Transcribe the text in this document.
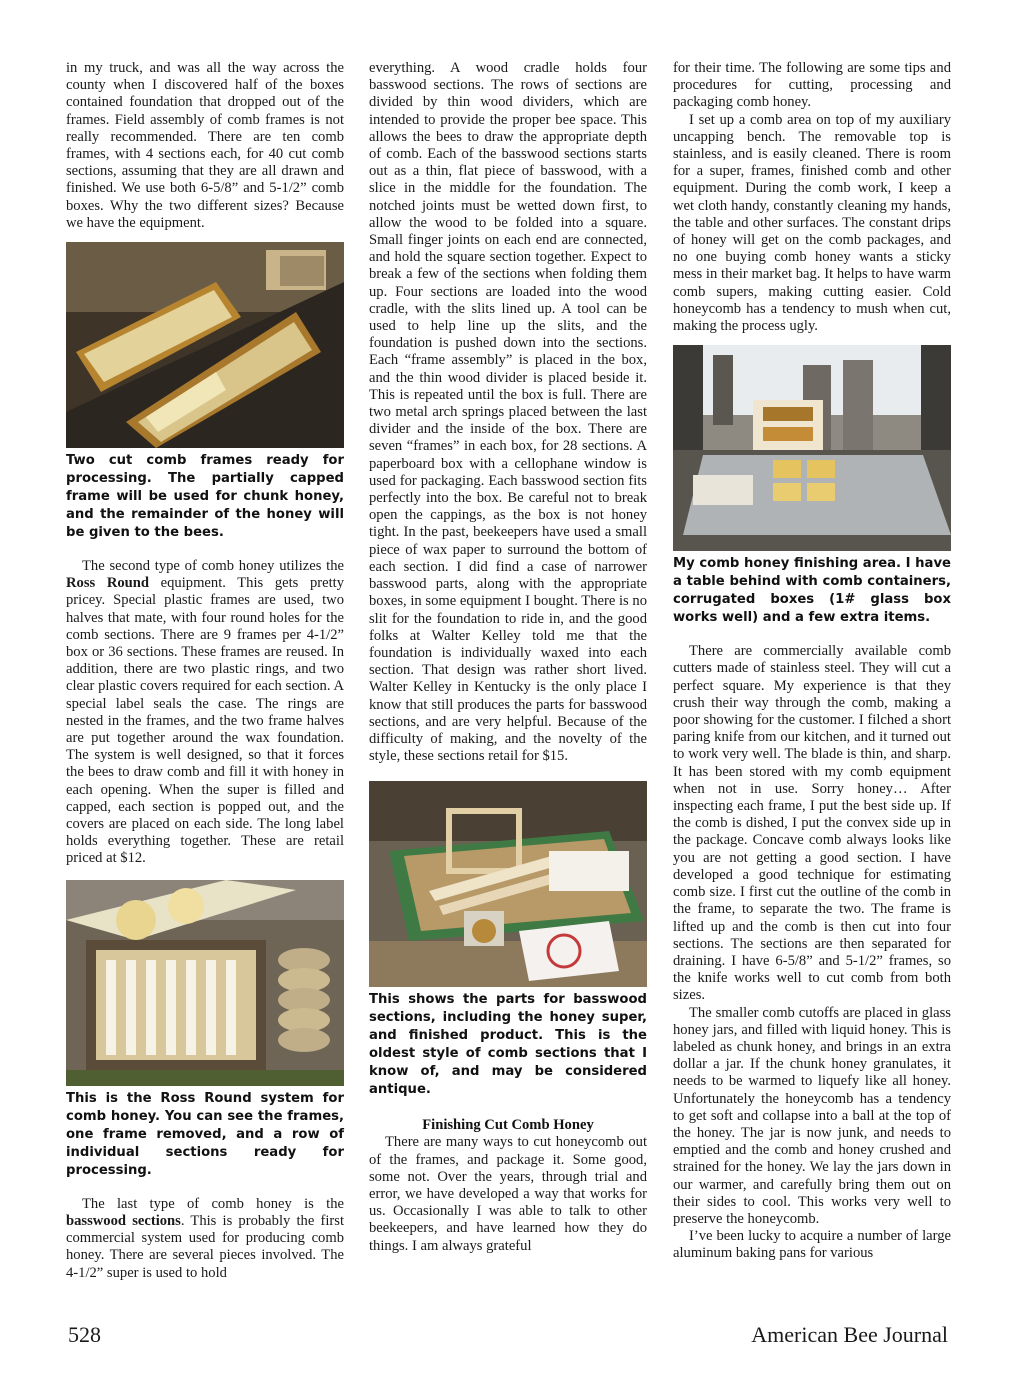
in my truck, and was all the way across the county when I discovered half of the boxes contained foundation that dropped out of the frames. Field assembly of comb frames is not really recommended. There are ten comb frames, with 4 sections each, for 40 cut comb sections, assuming that they are all drawn and finished. We use both 6-5/8” and 5-1/2” comb boxes. Why the two different sizes? Because we have the equipment.

Two cut comb frames ready for processing. The partially capped frame will be used for chunk honey, and the remainder of the honey will be given to the bees.

The second type of comb honey utilizes the Ross Round equipment. This gets pretty pricey. Special plastic frames are used, two halves that mate, with four round holes for the comb sections. There are 9 frames per 4-1/2” box or 36 sections. These frames are reused. In addition, there are two plastic rings, and two clear plastic covers required for each section. A special label seals the case. The rings are nested in the frames, and the two frame halves are put together around the wax foundation. The system is well designed, so that it forces the bees to draw comb and fill it with honey in each opening. When the super is filled and capped, each section is popped out, and the covers are placed on each side. The long label holds everything together. These are retail priced at $12.

This is the Ross Round system for comb honey. You can see the frames, one frame removed, and a row of individual sections ready for processing.

The last type of comb honey is the basswood sections. This is probably the first commercial system used for producing comb honey. There are several pieces involved. The 4-1/2” super is used to hold

everything. A wood cradle holds four basswood sections. The rows of sections are divided by thin wood dividers, which are intended to provide the proper bee space. This allows the bees to draw the appropriate depth of comb. Each of the basswood sections starts out as a thin, flat piece of basswood, with a slice in the middle for the foundation. The notched joints must be wetted down first, to allow the wood to be folded into a square. Small finger joints on each end are connected, and hold the square section together. Expect to break a few of the sections when folding them up. Four sections are loaded into the wood cradle, with the slits lined up. A tool can be used to help line up the slits, and the foundation is pushed down into the sections. Each “frame assembly” is placed in the box, and the thin wood divider is placed beside it. This is repeated until the box is full. There are two metal arch springs placed between the last divider and the inside of the box. There are seven “frames” in each box, for 28 sections. A paperboard box with a cellophane window is used for packaging. Each basswood section fits perfectly into the box. Be careful not to break open the cappings, as the box is not honey tight. In the past, beekeepers have used a small piece of wax paper to surround the bottom of each section. I did find a case of narrower basswood parts, along with the appropriate boxes, in some equipment I bought. There is no slit for the foundation to ride in, and the good folks at Walter Kelley told me that the foundation is individually waxed into each section. That design was rather short lived. Walter Kelley in Kentucky is the only place I know that still produces the parts for basswood sections, and are very helpful. Because of the difficulty of making, and the novelty of the style, these sections retail for $15.

This shows the parts for basswood sections, including the honey super, and finished product. This is the oldest style of comb sections that I know of, and may be considered antique.

Finishing Cut Comb Honey

There are many ways to cut honeycomb out of the frames, and package it. Some good, some not. Over the years, through trial and error, we have developed a way that works for us. Occasionally I was able to talk to other beekeepers, and have learned how they do things. I am always grateful

for their time. The following are some tips and procedures for cutting, processing and packaging comb honey.

I set up a comb area on top of my auxiliary uncapping bench. The removable top is stainless, and is easily cleaned. There is room for a super, frames, finished comb and other equipment. During the comb work, I keep a wet cloth handy, constantly cleaning my hands, the table and other surfaces. The constant drips of honey will get on the comb packages, and no one buying comb honey wants a sticky mess in their market bag. It helps to have warm comb supers, making cutting easier. Cold honeycomb has a tendency to mush when cut, making the process ugly.

My comb honey finishing area. I have a table behind with comb containers, corrugated boxes (1# glass box works well) and a few extra items.

There are commercially available comb cutters made of stainless steel. They will cut a perfect square. My experience is that they crush their way through the comb, making a poor showing for the customer. I filched a short paring knife from our kitchen, and it turned out to work very well. The blade is thin, and sharp. It has been stored with my comb equipment when not in use. Sorry honey… After inspecting each frame, I put the best side up. If the comb is dished, I put the convex side up in the package. Concave comb always looks like you are not getting a good section. I have developed a good technique for estimating comb size. I first cut the outline of the comb in the frame, to separate the two. The frame is lifted up and the comb is then cut into four sections. The sections are then separated for draining. I have 6-5/8” and 5-1/2” frames, so the knife works well to cut comb from both sizes.

The smaller comb cutoffs are placed in glass honey jars, and filled with liquid honey. This is labeled as chunk honey, and brings in an extra dollar a jar. If the chunk honey granulates, it needs to be warmed to liquefy like all honey. Unfortunately the honeycomb has a tendency to get soft and collapse into a ball at the top of the honey. The jar is now junk, and needs to emptied and the comb and honey crushed and strained for the honey. We lay the jars down in our warmer, and carefully bring them out on their sides to cool. This works very well to preserve the honeycomb.

I’ve been lucky to acquire a number of large aluminum baking pans for various

528	American Bee Journal
